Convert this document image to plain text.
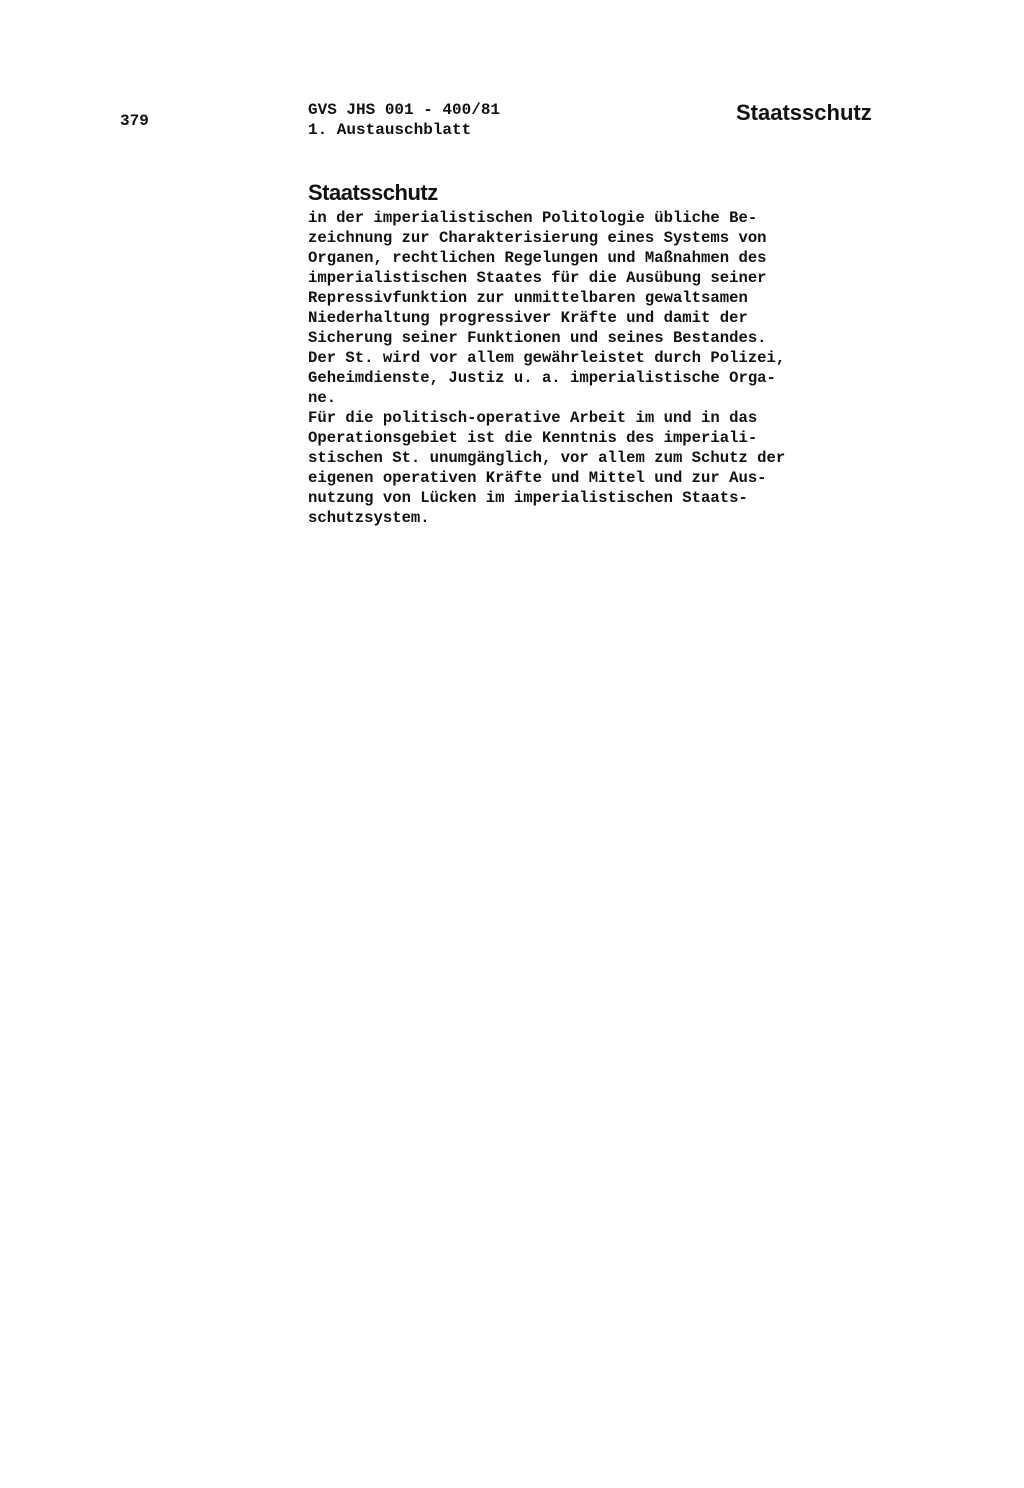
379
GVS JHS 001 - 400/81
1. Austauschblatt
Staatsschutz
Staatsschutz
in der imperialistischen Politologie übliche Be-
zeichnung zur Charakterisierung eines Systems von
Organen, rechtlichen Regelungen und Maßnahmen des
imperialistischen Staates für die Ausübung seiner
Repressivfunktion zur unmittelbaren gewaltsamen
Niederhaltung progressiver Kräfte und damit der
Sicherung seiner Funktionen und seines Bestandes.
Der St. wird vor allem gewährleistet durch Polizei,
Geheimdienste, Justiz u. a. imperialistische Orga-
ne.
Für die politisch-operative Arbeit im und in das
Operationsgebiet ist die Kenntnis des imperiali-
stischen St. unumgänglich, vor allem zum Schutz der
eigenen operativen Kräfte und Mittel und zur Aus-
nutzung von Lücken im imperialistischen Staats-
schutzsystem.
